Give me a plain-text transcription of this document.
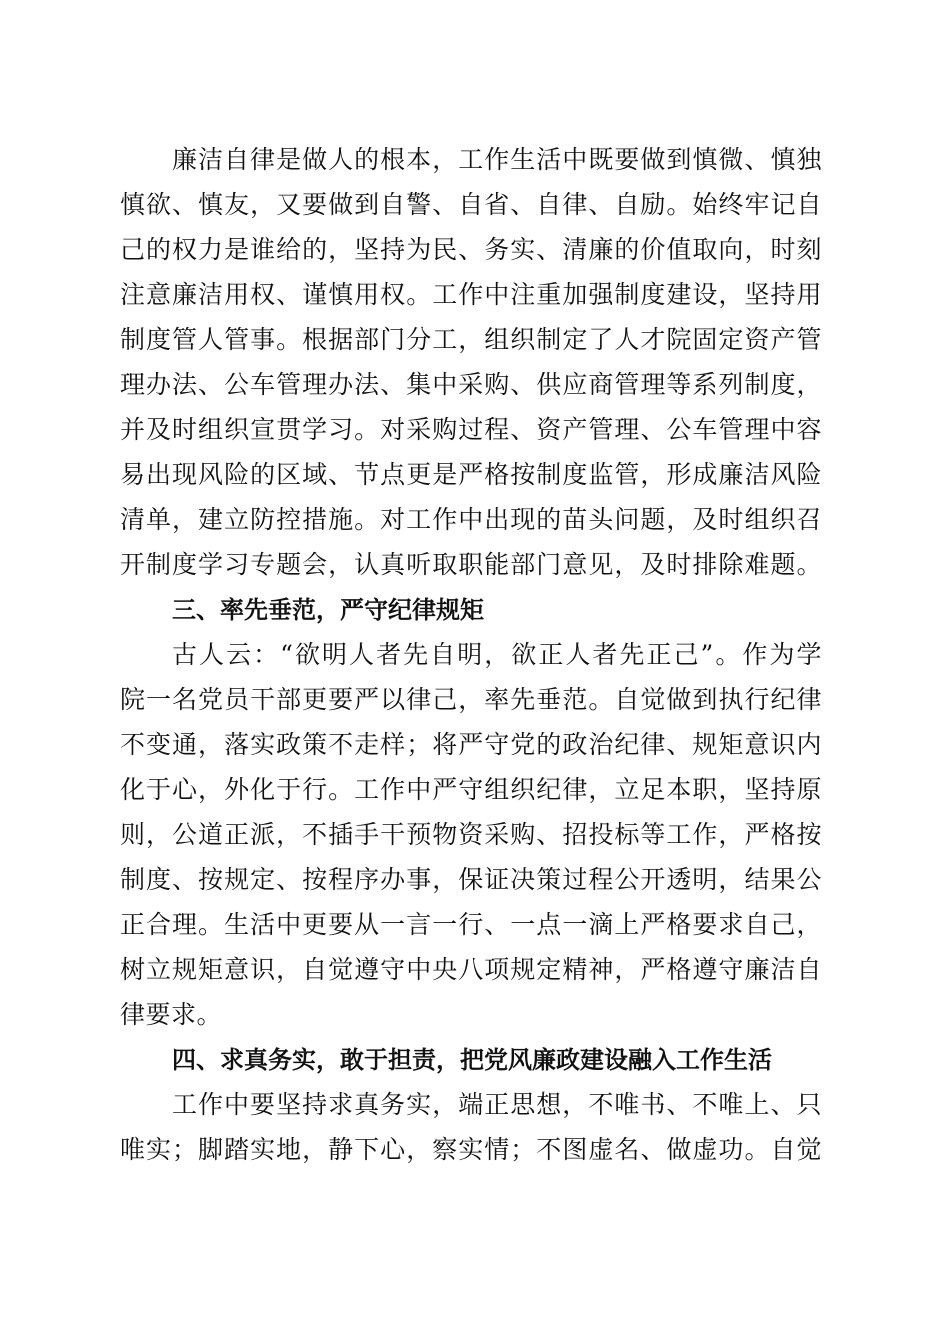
廉洁自律是做人的根本，工作生活中既要做到慎微、慎独
慎欲、慎友，又要做到自警、自省、自律、自励。始终牢记自
己的权力是谁给的，坚持为民、务实、清廉的价值取向，时刻
注意廉洁用权、谨慎用权。工作中注重加强制度建设，坚持用
制度管人管事。根据部门分工，组织制定了人才院固定资产管
理办法、公车管理办法、集中采购、供应商管理等系列制度，
并及时组织宣贯学习。对采购过程、资产管理、公车管理中容
易出现风险的区域、节点更是严格按制度监管，形成廉洁风险
清单，建立防控措施。对工作中出现的苗头问题，及时组织召
开制度学习专题会，认真听取职能部门意见，及时排除难题。
三、率先垂范，严守纪律规矩
古人云：“欲明人者先自明，欲正人者先正己”。作为学
院一名党员干部更要严以律己，率先垂范。自觉做到执行纪律
不变通，落实政策不走样；将严守党的政治纪律、规矩意识内
化于心，外化于行。工作中严守组织纪律，立足本职，坚持原
则，公道正派，不插手干预物资采购、招投标等工作，严格按
制度、按规定、按程序办事，保证决策过程公开透明，结果公
正合理。生活中更要从一言一行、一点一滴上严格要求自己，
树立规矩意识，自觉遵守中央八项规定精神，严格遵守廉洁自
律要求。
四、求真务实，敢于担责，把党风廉政建设融入工作生活
工作中要坚持求真务实，端正思想，不唯书、不唯上、只
唯实；脚踏实地，静下心，察实情；不图虚名、做虚功。自觉
